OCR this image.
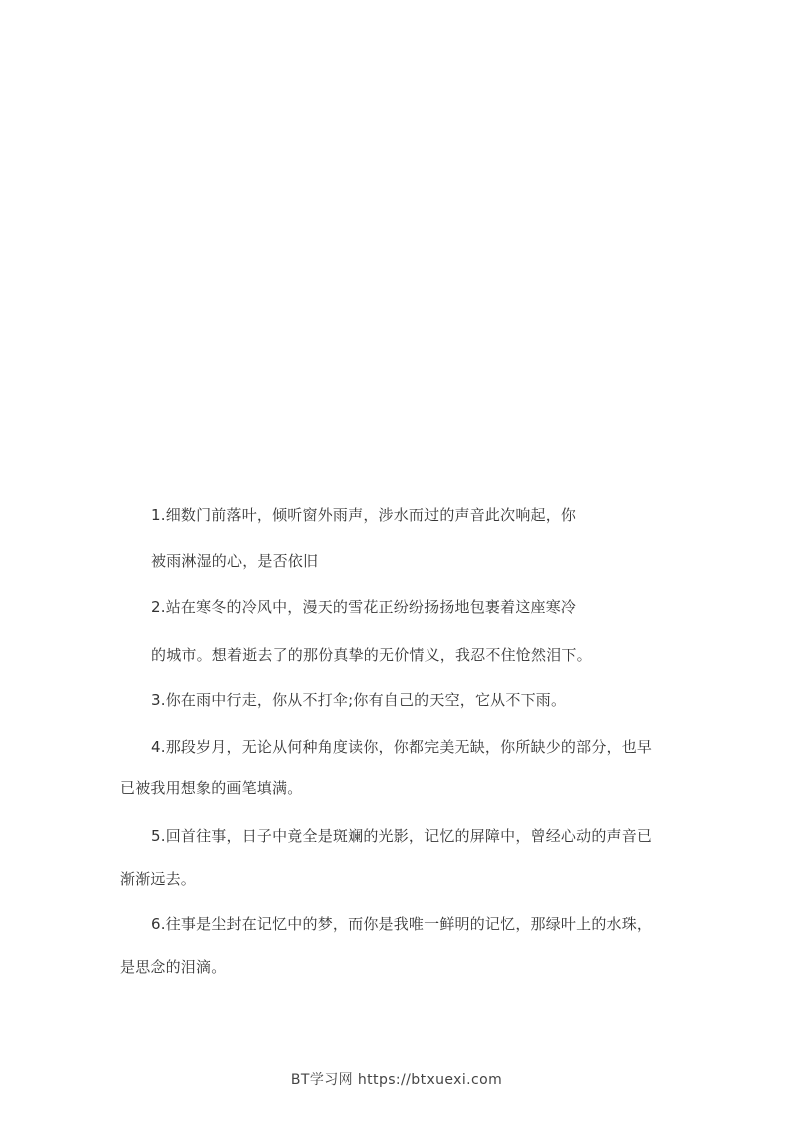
1.细数门前落叶，倾听窗外雨声，涉水而过的声音此次响起，你
被雨淋湿的心，是否依旧
2.站在寒冬的冷风中，漫天的雪花正纷纷扬扬地包裹着这座寒冷
的城市。想着逝去了的那份真挚的无价情义，我忍不住怆然泪下。
3.你在雨中行走，你从不打伞;你有自己的天空，它从不下雨。
4.那段岁月，无论从何种角度读你，你都完美无缺，你所缺少的部分，也早
已被我用想象的画笔填满。
5.回首往事，日子中竟全是斑斓的光影，记忆的屏障中，曾经心动的声音已
渐渐远去。
6.往事是尘封在记忆中的梦，而你是我唯一鲜明的记忆，那绿叶上的水珠，
是思念的泪滴。
BT学习网 https://btxuexi.com
